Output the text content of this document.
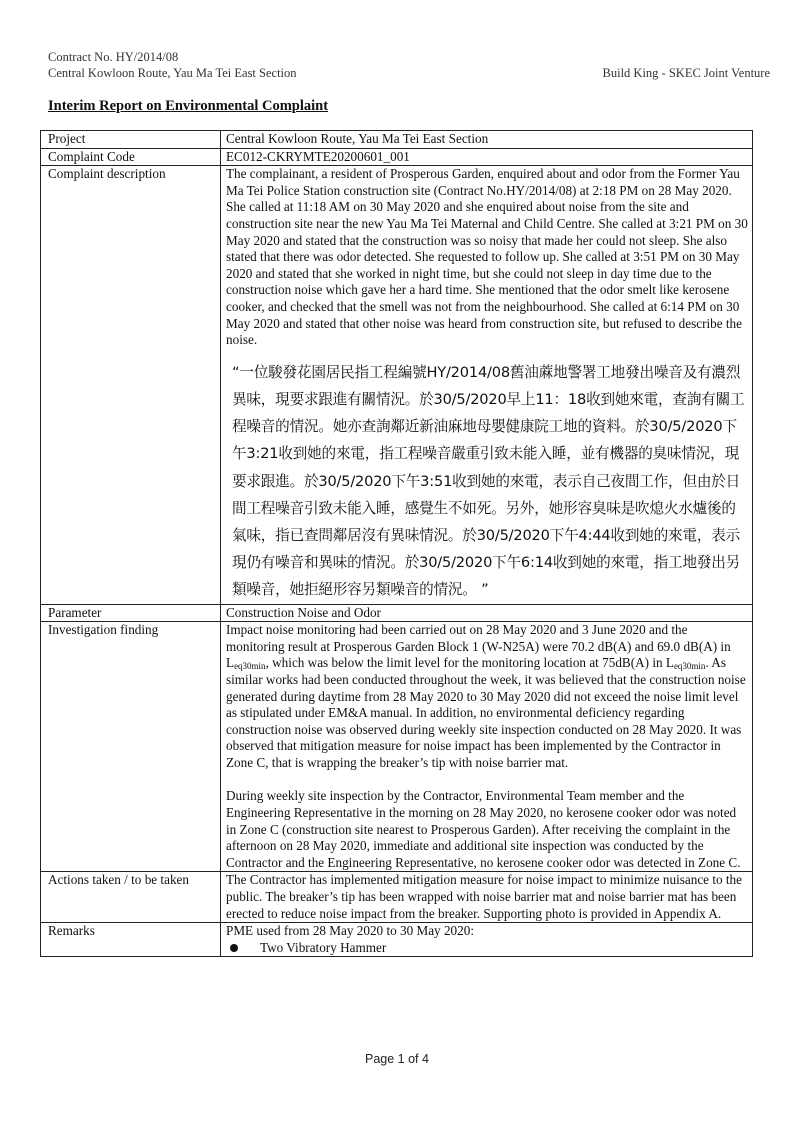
Contract No. HY/2014/08
Central Kowloon Route, Yau Ma Tei East Section	Build King - SKEC Joint Venture
Interim Report on Environmental Complaint
Project	Central Kowloon Route, Yau Ma Tei East Section
Complaint Code	EC012-CKRYMTE20200601_001
Complaint description	The complainant, a resident of Prosperous Garden, enquired about and odor from the Former Yau Ma Tei Police Station construction site (Contract No.HY/2014/08) at 2:18 PM on 28 May 2020. She called at 11:18 AM on 30 May 2020 and she enquired about noise from the site and construction site near the new Yau Ma Tei Maternal and Child Centre. She called at 3:21 PM on 30 May 2020 and stated that the construction was so noisy that made her could not sleep. She also stated that there was odor detected. She requested to follow up. She called at 3:51 PM on 30 May 2020 and stated that she worked in night time, but she could not sleep in day time due to the construction noise which gave her a hard time. She mentioned that the odor smelt like kerosene cooker, and checked that the smell was not from the neighbourhood. She called at 6:14 PM on 30 May 2020 and stated that other noise was heard from construction site, but refused to describe the noise.
“一位駿發花園居民指工程編號HY/2014/08舊油蔴地警署工地發出噪音及有濃烈異味，現要求跟進有關情況。於30/5/2020早上11：18收到她來電，查詢有關工程噪音的情況。她亦查詢鄰近新油麻地母嬰健康院工地的資料。於30/5/2020下午3:21收到她的來電，指工程噪音嚴重引致未能入睡，並有機器的臭味情況，現要求跟進。於30/5/2020下午3:51收到她的來電，表示自己夜間工作，但由於日間工程噪音引致未能入睡，感覺生不如死。另外，她形容臭味是吹熄火水爐後的氣味，指已查問鄰居沒有異味情況。於30/5/2020下午4:44收到她的來電，表示現仍有噪音和異味的情況。於30/5/2020下午6:14收到她的來電，指工地發出另類噪音，她拒絕形容另類噪音的情況。 ”

Parameter	Construction Noise and Odor
Investigation finding	Impact noise monitoring had been carried out on 28 May 2020 and 3 June 2020 and the monitoring result at Prosperous Garden Block 1 (W-N25A) were 70.2 dB(A) and 69.0 dB(A) in $L_{eq30min}$, which was below the limit level for the monitoring location at 75dB(A) in $L_{eq30min}$. As similar works had been conducted throughout the week, it was believed that the construction noise generated during daytime from 28 May 2020 to 30 May 2020 did not exceed the noise limit level as stipulated under EM&A manual. In addition, no environmental deficiency regarding construction noise was observed during weekly site inspection conducted on 28 May 2020. It was observed that mitigation measure for noise impact has been implemented by the Contractor in Zone C, that is wrapping the breaker’s tip with noise barrier mat.
During weekly site inspection by the Contractor, Environmental Team member and the Engineering Representative in the morning on 28 May 2020, no kerosene cooker odor was noted in Zone C (construction site nearest to Prosperous Garden). After receiving the complaint in the afternoon on 28 May 2020, immediate and additional site inspection was conducted by the Contractor and the Engineering Representative, no kerosene cooker odor was detected in Zone C.

Actions taken / to be taken	The Contractor has implemented mitigation measure for noise impact to minimize nuisance to the public. The breaker’s tip has been wrapped with noise barrier mat and noise barrier mat has been erected to reduce noise impact from the breaker. Supporting photo is provided in Appendix A.
Remarks	PME used from 28 May 2020 to 30 May 2020:
Two Vibratory Hammer
Page 1 of 4
